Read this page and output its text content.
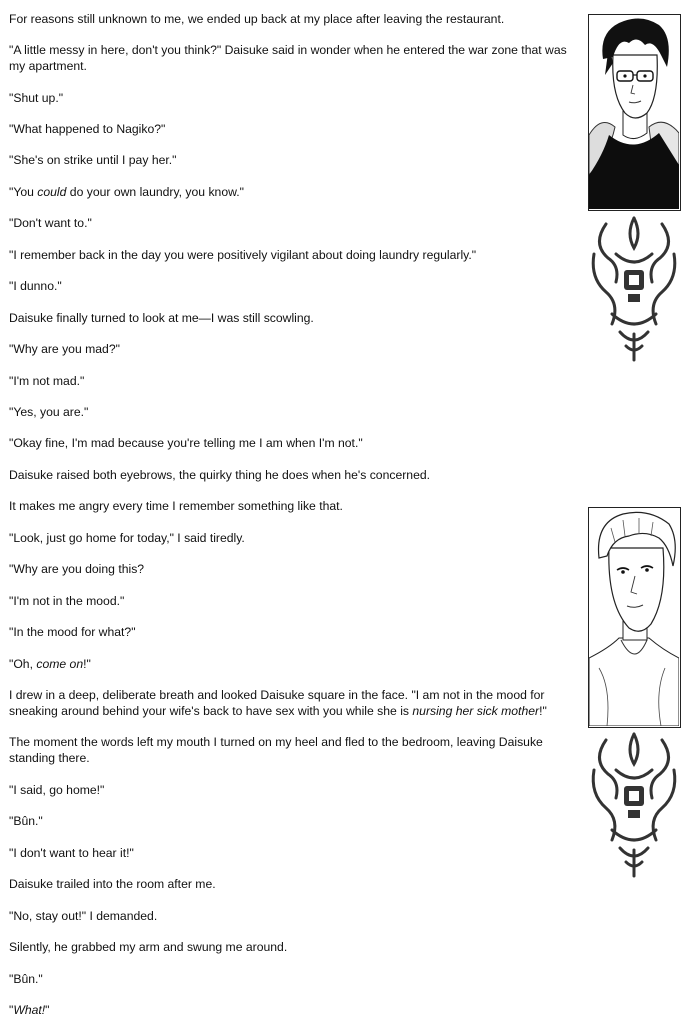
For reasons still unknown to me, we ended up back at my place after leaving the restaurant.

"A little messy in here, don't you think?" Daisuke said in wonder when he entered the war zone that was my apartment.

"Shut up."

"What happened to Nagiko?"

"She's on strike until I pay her."

"You could do your own laundry, you know."

"Don't want to."

"I remember back in the day you were positively vigilant about doing laundry regularly."

"I dunno."

Daisuke finally turned to look at me—I was still scowling.

"Why are you mad?"

"I'm not mad."

"Yes, you are."

"Okay fine, I'm mad because you're telling me I am when I'm not."

Daisuke raised both eyebrows, the quirky thing he does when he's concerned.

It makes me angry every time I remember something like that.

"Look, just go home for today," I said tiredly.

"Why are you doing this?

"I'm not in the mood."

"In the mood for what?"

"Oh, come on!"

I drew in a deep, deliberate breath and looked Daisuke square in the face. "I am not in the mood for sneaking around behind your wife's back to have sex with you while she is nursing her sick mother!"

The moment the words left my mouth I turned on my heel and fled to the bedroom, leaving Daisuke standing there.

"I said, go home!"

"Bûn."

"I don't want to hear it!"

Daisuke trailed into the room after me.

"No, stay out!" I demanded.

Silently, he grabbed my arm and swung me around.

"Bûn."

"What!"
